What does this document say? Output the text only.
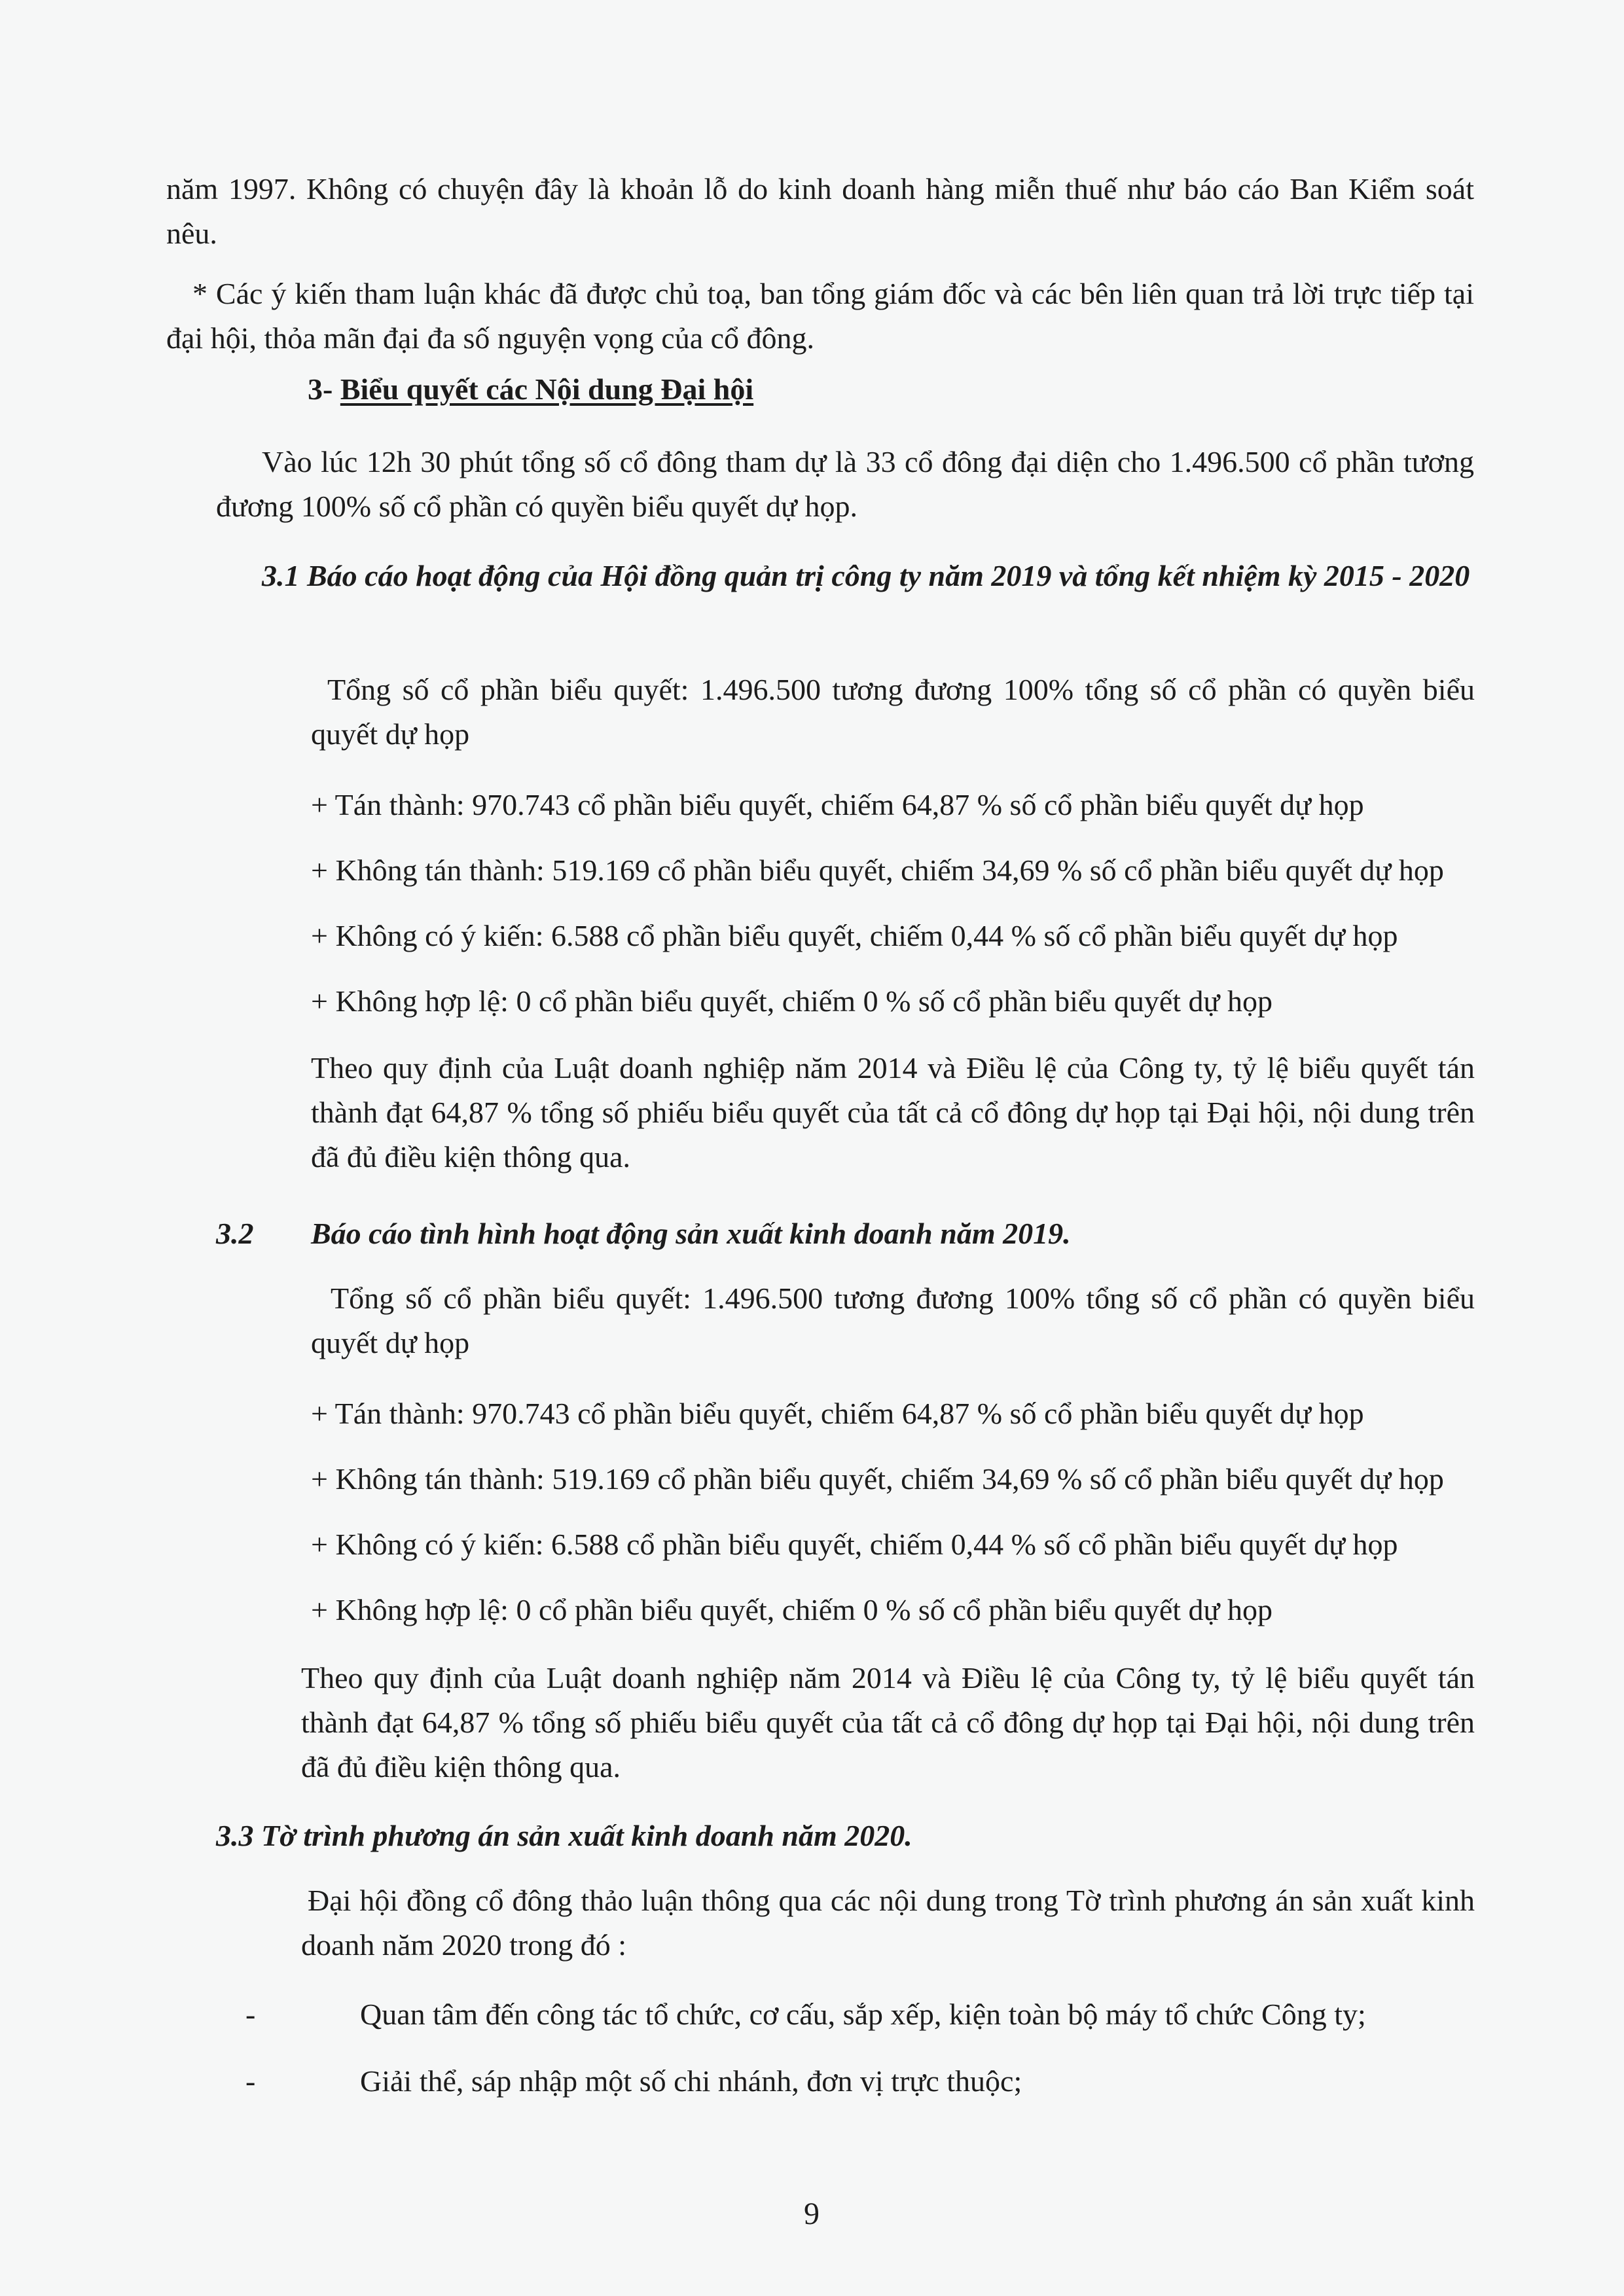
năm 1997. Không có chuyện đây là khoản lỗ do kinh doanh hàng miễn thuế như báo cáo Ban Kiểm soát nêu.

* Các ý kiến tham luận khác đã được chủ toạ, ban tổng giám đốc và các bên liên quan trả lời trực tiếp tại đại hội, thỏa mãn đại đa số nguyện vọng của cổ đông.

3- Biểu quyết các Nội dung Đại hội

Vào lúc 12h 30 phút tổng số cổ đông tham dự là 33 cổ đông đại diện cho 1.496.500 cổ phần tương đương 100% số cổ phần có quyền biểu quyết dự họp.

3.1 Báo cáo hoạt động của Hội đồng quản trị công ty năm 2019 và tổng kết nhiệm kỳ 2015 - 2020

Tổng số cổ phần biểu quyết: 1.496.500 tương đương 100% tổng số cổ phần có quyền biểu quyết dự họp

+ Tán thành: 970.743 cổ phần biểu quyết, chiếm 64,87 % số cổ phần biểu quyết dự họp

+ Không tán thành: 519.169 cổ phần biểu quyết, chiếm 34,69 % số cổ phần biểu quyết dự họp

+ Không có ý kiến: 6.588 cổ phần biểu quyết, chiếm 0,44 % số cổ phần biểu quyết dự họp

+ Không hợp lệ: 0 cổ phần biểu quyết, chiếm 0 % số cổ phần biểu quyết dự họp

Theo quy định của Luật doanh nghiệp năm 2014 và Điều lệ của Công ty, tỷ lệ biểu quyết tán thành đạt 64,87 % tổng số phiếu biểu quyết của tất cả cổ đông dự họp tại Đại hội, nội dung trên đã đủ điều kiện thông qua.

3.2 Báo cáo tình hình hoạt động sản xuất kinh doanh năm 2019.

Tổng số cổ phần biểu quyết: 1.496.500 tương đương 100% tổng số cổ phần có quyền biểu quyết dự họp

+ Tán thành: 970.743 cổ phần biểu quyết, chiếm 64,87 % số cổ phần biểu quyết dự họp

+ Không tán thành: 519.169 cổ phần biểu quyết, chiếm 34,69 % số cổ phần biểu quyết dự họp

+ Không có ý kiến: 6.588 cổ phần biểu quyết, chiếm 0,44 % số cổ phần biểu quyết dự họp

+ Không hợp lệ: 0 cổ phần biểu quyết, chiếm 0 % số cổ phần biểu quyết dự họp

Theo quy định của Luật doanh nghiệp năm 2014 và Điều lệ của Công ty, tỷ lệ biểu quyết tán thành đạt 64,87 % tổng số phiếu biểu quyết của tất cả cổ đông dự họp tại Đại hội, nội dung trên đã đủ điều kiện thông qua.

3.3 Tờ trình phương án sản xuất kinh doanh năm 2020.

Đại hội đồng cổ đông thảo luận thông qua các nội dung trong Tờ trình phương án sản xuất kinh doanh năm 2020 trong đó :

-	Quan tâm đến công tác tổ chức, cơ cấu, sắp xếp, kiện toàn bộ máy tổ chức Công ty;
-	Giải thể, sáp nhập một số chi nhánh, đơn vị trực thuộc;
9
